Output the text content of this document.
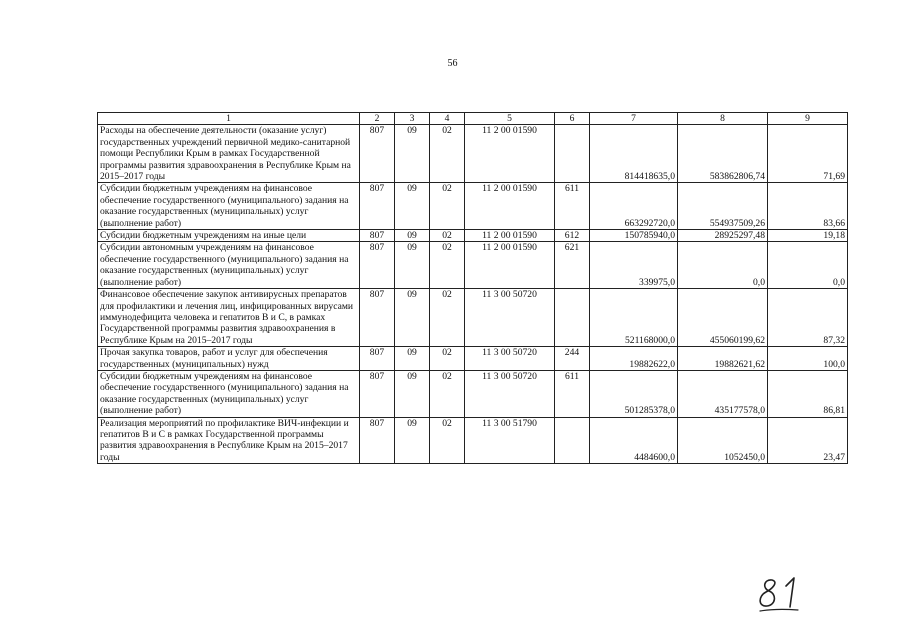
56
1	2	3	4	5	6	7	8	9
Расходы на обеспечение деятельности (оказание услуг) государственных учреждений первичной медико-санитарной помощи Республики Крым в рамках Государственной программы развития здравоохранения в Республике Крым на 2015–2017 годы	807	09	02	11 2 00 01590		814418635,0	583862806,74	71,69
Субсидии бюджетным учреждениям на финансовое обеспечение государственного (муниципального) задания на оказание государственных (муниципальных) услуг (выполнение работ)	807	09	02	11 2 00 01590	611	663292720,0	554937509,26	83,66
Субсидии бюджетным учреждениям на иные цели	807	09	02	11 2 00 01590	612	150785940,0	28925297,48	19,18
Субсидии автономным учреждениям на финансовое обеспечение государственного (муниципального) задания на оказание государственных (муниципальных) услуг (выполнение работ)	807	09	02	11 2 00 01590	621	339975,0	0,0	0,0
Финансовое обеспечение закупок антивирусных препаратов для профилактики и лечения лиц, инфицированных вирусами иммунодефицита человека и гепатитов В и С, в рамках Государственной программы развития здравоохранения в Республике Крым на 2015–2017 годы	807	09	02	11 3 00 50720		521168000,0	455060199,62	87,32
Прочая закупка товаров, работ и услуг для обеспечения государственных (муниципальных) нужд	807	09	02	11 3 00 50720	244	19882622,0	19882621,62	100,0
Субсидии бюджетным учреждениям на финансовое обеспечение государственного (муниципального) задания на оказание государственных (муниципальных) услуг (выполнение работ)	807	09	02	11 3 00 50720	611	501285378,0	435177578,0	86,81
Реализация мероприятий по профилактике ВИЧ-инфекции и гепатитов В и С в рамках Государственной программы развития здравоохранения в Республике Крым на 2015–2017 годы	807	09	02	11 3 00 51790		4484600,0	1052450,0	23,47
